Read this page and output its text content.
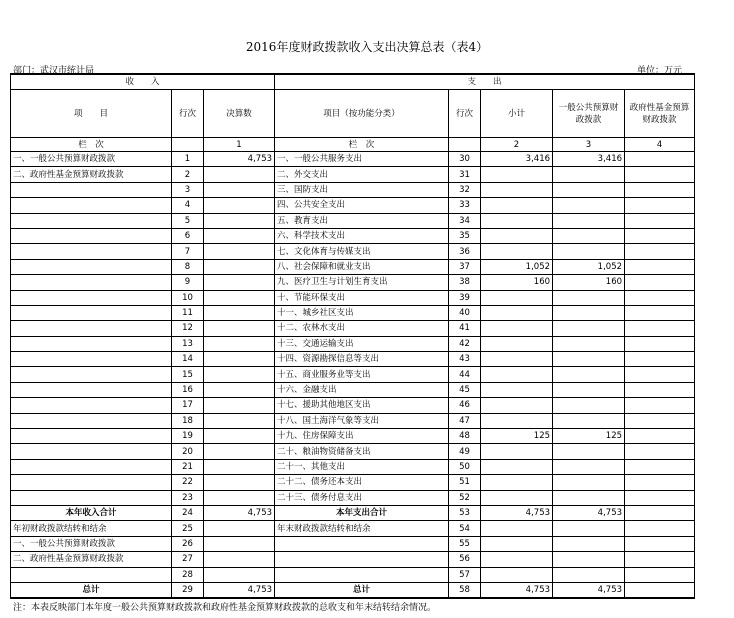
2016年度财政拨款收入支出决算总表（表4）
部门：武汉市统计局	单位：万元
收　　入			支　　出				
项　　目	行次	决算数	项目（按功能分类）	行次	小计	一般公共预算财政拨款	政府性基金预算财政拨款
栏　次		1	栏　次		2	3	4
一、一般公共预算财政拨款	1	4,753	一、一般公共服务支出	30	3,416	3,416	
二、政府性基金预算财政拨款	2		二、外交支出	31			
	3		三、国防支出	32			
	4		四、公共安全支出	33			
	5		五、教育支出	34			
	6		六、科学技术支出	35			
	7		七、文化体育与传媒支出	36			
	8		八、社会保障和就业支出	37	1,052	1,052	
	9		九、医疗卫生与计划生育支出	38	160	160	
	10		十、节能环保支出	39			
	11		十一、城乡社区支出	40			
	12		十二、农林水支出	41			
	13		十三、交通运输支出	42			
	14		十四、资源勘探信息等支出	43			
	15		十五、商业服务业等支出	44			
	16		十六、金融支出	45			
	17		十七、援助其他地区支出	46			
	18		十八、国土海洋气象等支出	47			
	19		十九、住房保障支出	48	125	125	
	20		二十、粮油物资储备支出	49			
	21		二十一、其他支出	50			
	22		二十二、债务还本支出	51			
	23		二十三、债务付息支出	52			
本年收入合计	24	4,753	本年支出合计	53	4,753	4,753	
年初财政拨款结转和结余	25		年末财政拨款结转和结余	54			
一、一般公共预算财政拨款	26			55			
二、政府性基金预算财政拨款	27			56			
	28			57			
总计	29	4,753	总计	58	4,753	4,753	
注：本表反映部门本年度一般公共预算财政拨款和政府性基金预算财政拨款的总收支和年末结转结余情况。
